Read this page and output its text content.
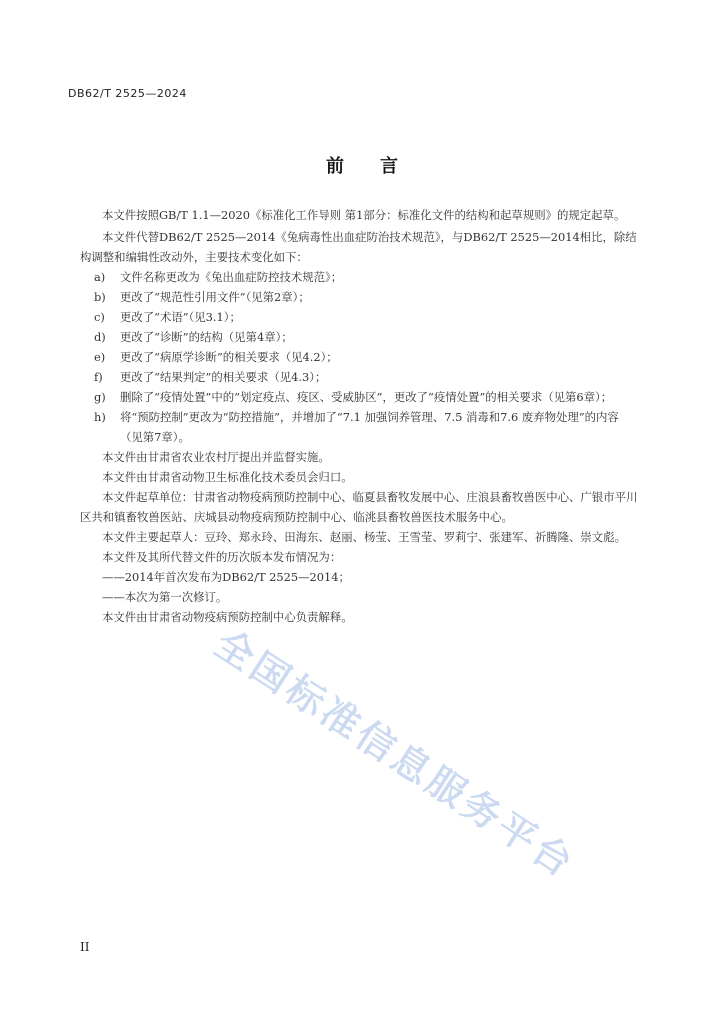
DB62/T 2525—2024
前言

本文件按照GB/T 1.1—2020《标准化工作导则 第1部分：标准化文件的结构和起草规则》的规定起草。

本文件代替DB62/T 2525—2014《兔病毒性出血症防治技术规范》，与DB62/T 2525—2014相比，除结构调整和编辑性改动外，主要技术变化如下：

a)	文件名称更改为《兔出血症防控技术规范》；
b)	更改了“规范性引用文件”（见第2章）；
c)	更改了“术语”（见3.1）；
d)	更改了“诊断”的结构（见第4章）；
e)	更改了“病原学诊断”的相关要求（见4.2）；
f)	更改了“结果判定”的相关要求（见4.3）；
g)	删除了“疫情处置”中的“划定疫点、疫区、受威胁区”，更改了“疫情处置”的相关要求（见第6章）；
h)	将“预防控制”更改为“防控措施”，并增加了“7.1 加强饲养管理、7.5 消毒和7.6 废弃物处理”的内容（见第7章）。

本文件由甘肃省农业农村厅提出并监督实施。

本文件由甘肃省动物卫生标准化技术委员会归口。

本文件起草单位：甘肃省动物疫病预防控制中心、临夏县畜牧发展中心、庄浪县畜牧兽医中心、广银市平川区共和镇畜牧兽医站、庆城县动物疫病预防控制中心、临洮县畜牧兽医技术服务中心。

本文件主要起草人：豆玲、郑永玲、田海东、赵丽、杨莹、王雪莹、罗莉宁、张建军、祈腾隆、崇文彪。

本文件及其所代替文件的历次版本发布情况为：

——2014年首次发布为DB62/T 2525—2014；

——本次为第一次修订。

本文件由甘肃省动物疫病预防控制中心负责解释。

全国标准信息服务平台
II
